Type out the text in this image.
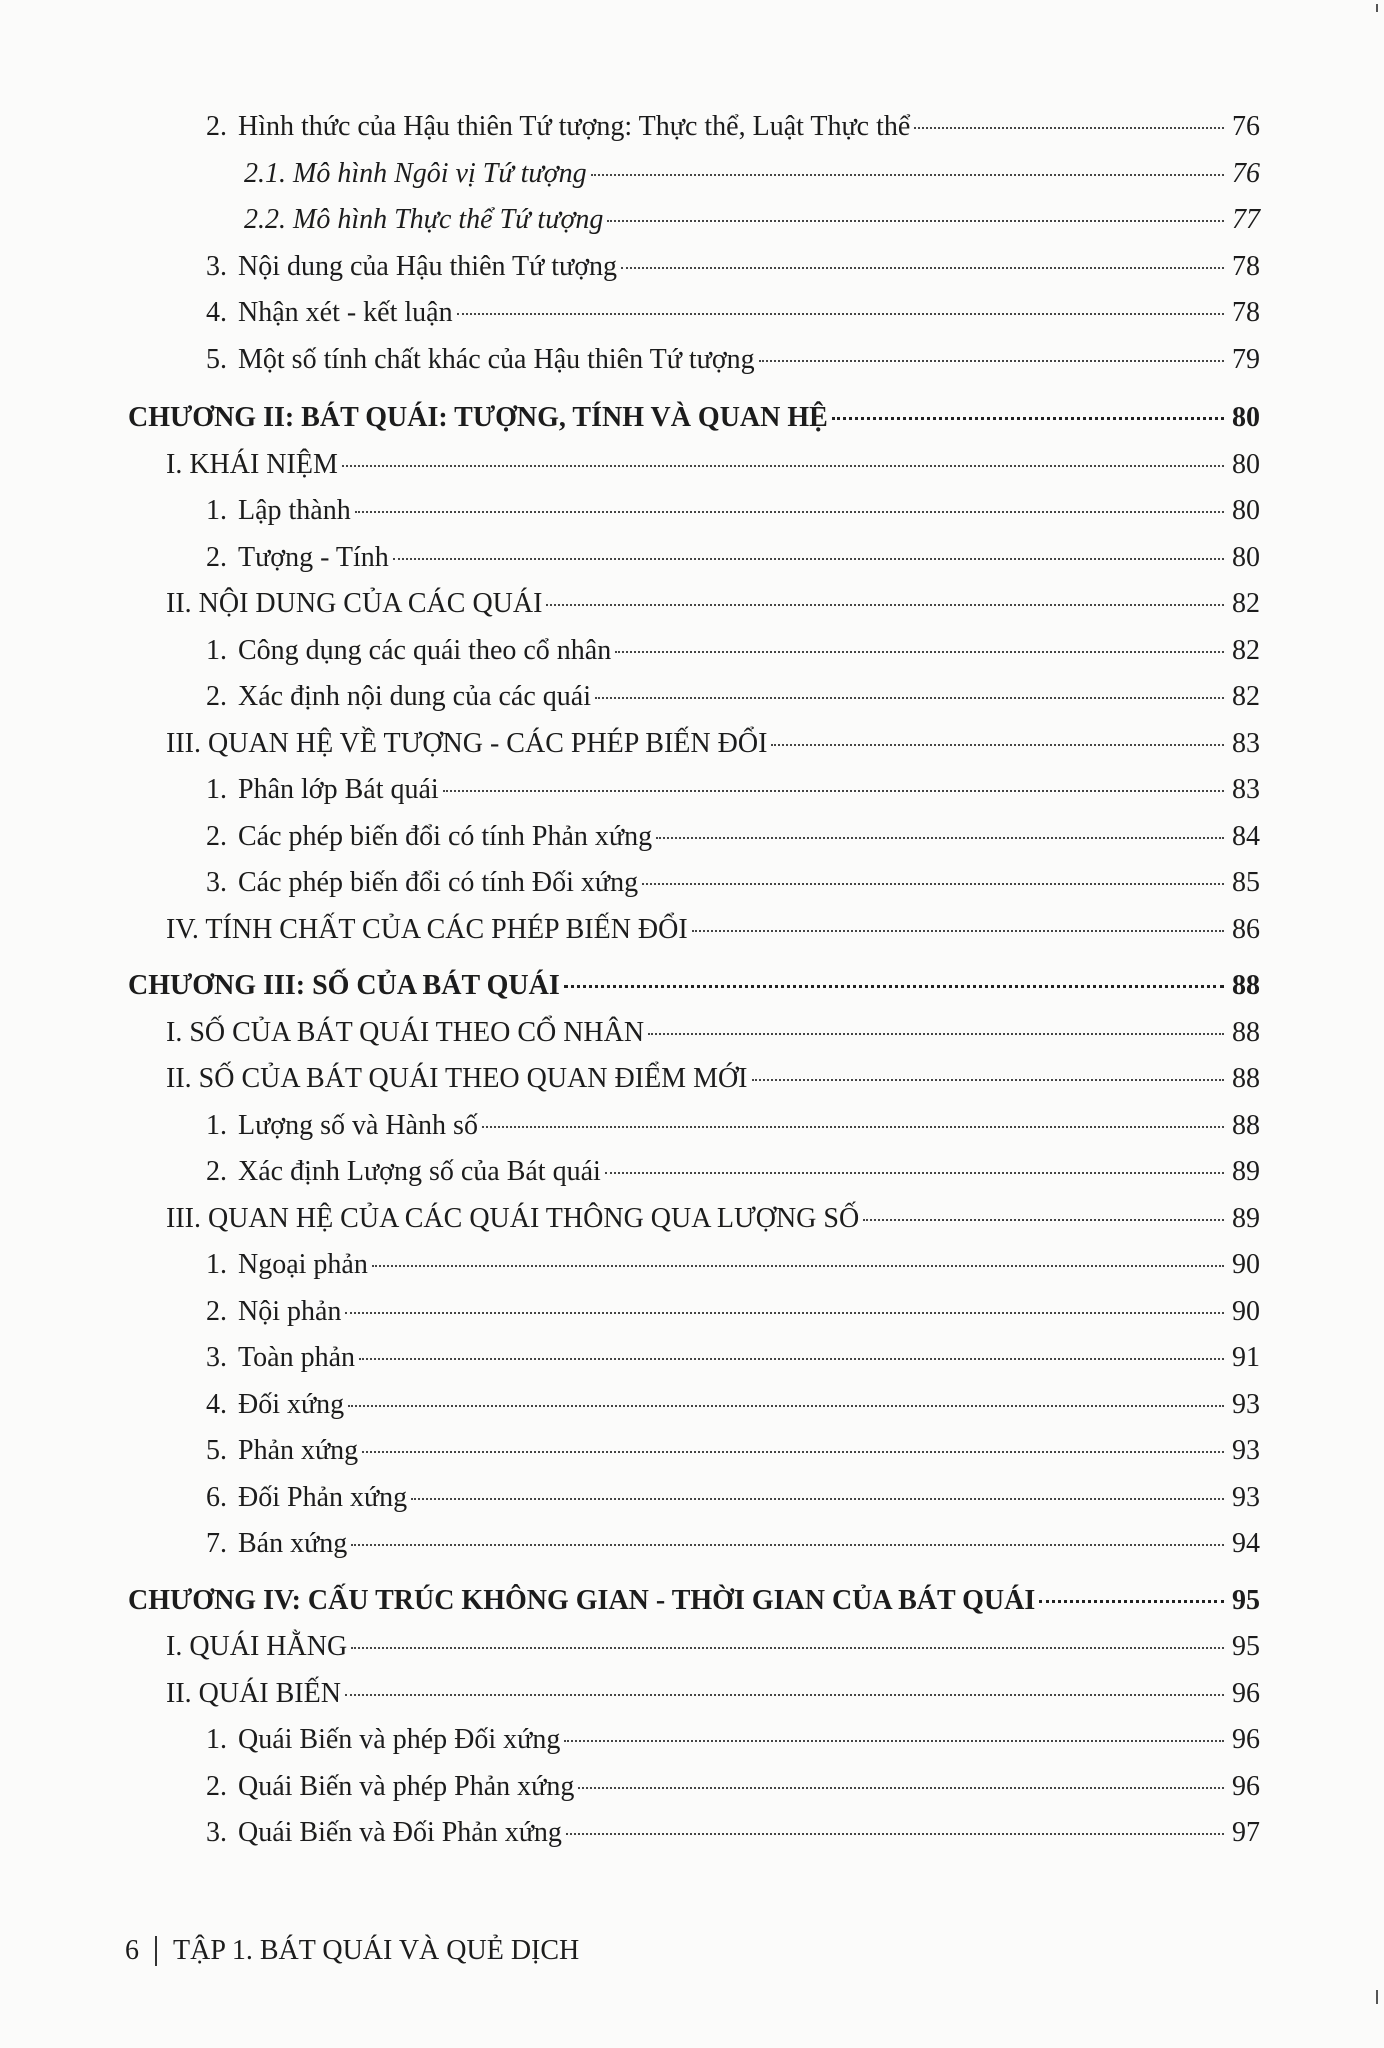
2. Hình thức của Hậu thiên Tứ tượng: Thực thể, Luật Thực thể	76
2.1. Mô hình Ngôi vị Tứ tượng	76
2.2. Mô hình Thực thể Tứ tượng	77
3. Nội dung của Hậu thiên Tứ tượng	78
4. Nhận xét - kết luận	78
5. Một số tính chất khác của Hậu thiên Tứ tượng	79
CHƯƠNG II: BÁT QUÁI: TƯỢNG, TÍNH VÀ QUAN HỆ	80
I. KHÁI NIỆM	80
1. Lập thành	80
2. Tượng - Tính	80
II. NỘI DUNG CỦA CÁC QUÁI	82
1. Công dụng các quái theo cổ nhân	82
2. Xác định nội dung của các quái	82
III. QUAN HỆ VỀ TƯỢNG - CÁC PHÉP BIẾN ĐỔI	83
1. Phân lớp Bát quái	83
2. Các phép biến đổi có tính Phản xứng	84
3. Các phép biến đổi có tính Đối xứng	85
IV. TÍNH CHẤT CỦA CÁC PHÉP BIẾN ĐỔI	86
CHƯƠNG III: SỐ CỦA BÁT QUÁI	88
I. SỐ CỦA BÁT QUÁI THEO CỔ NHÂN	88
II. SỐ CỦA BÁT QUÁI THEO QUAN ĐIỂM MỚI	88
1. Lượng số và Hành số	88
2. Xác định Lượng số của Bát quái	89
III. QUAN HỆ CỦA CÁC QUÁI THÔNG QUA LƯỢNG SỐ	89
1. Ngoại phản	90
2. Nội phản	90
3. Toàn phản	91
4. Đối xứng	93
5. Phản xứng	93
6. Đối Phản xứng	93
7. Bán xứng	94
CHƯƠNG IV: CẤU TRÚC KHÔNG GIAN - THỜI GIAN CỦA BÁT QUÁI	95
I. QUÁI HẰNG	95
II. QUÁI BIẾN	96
1. Quái Biến và phép Đối xứng	96
2. Quái Biến và phép Phản xứng	96
3. Quái Biến và Đối Phản xứng	97
6 TẬP 1. BÁT QUÁI VÀ QUẺ DỊCH
